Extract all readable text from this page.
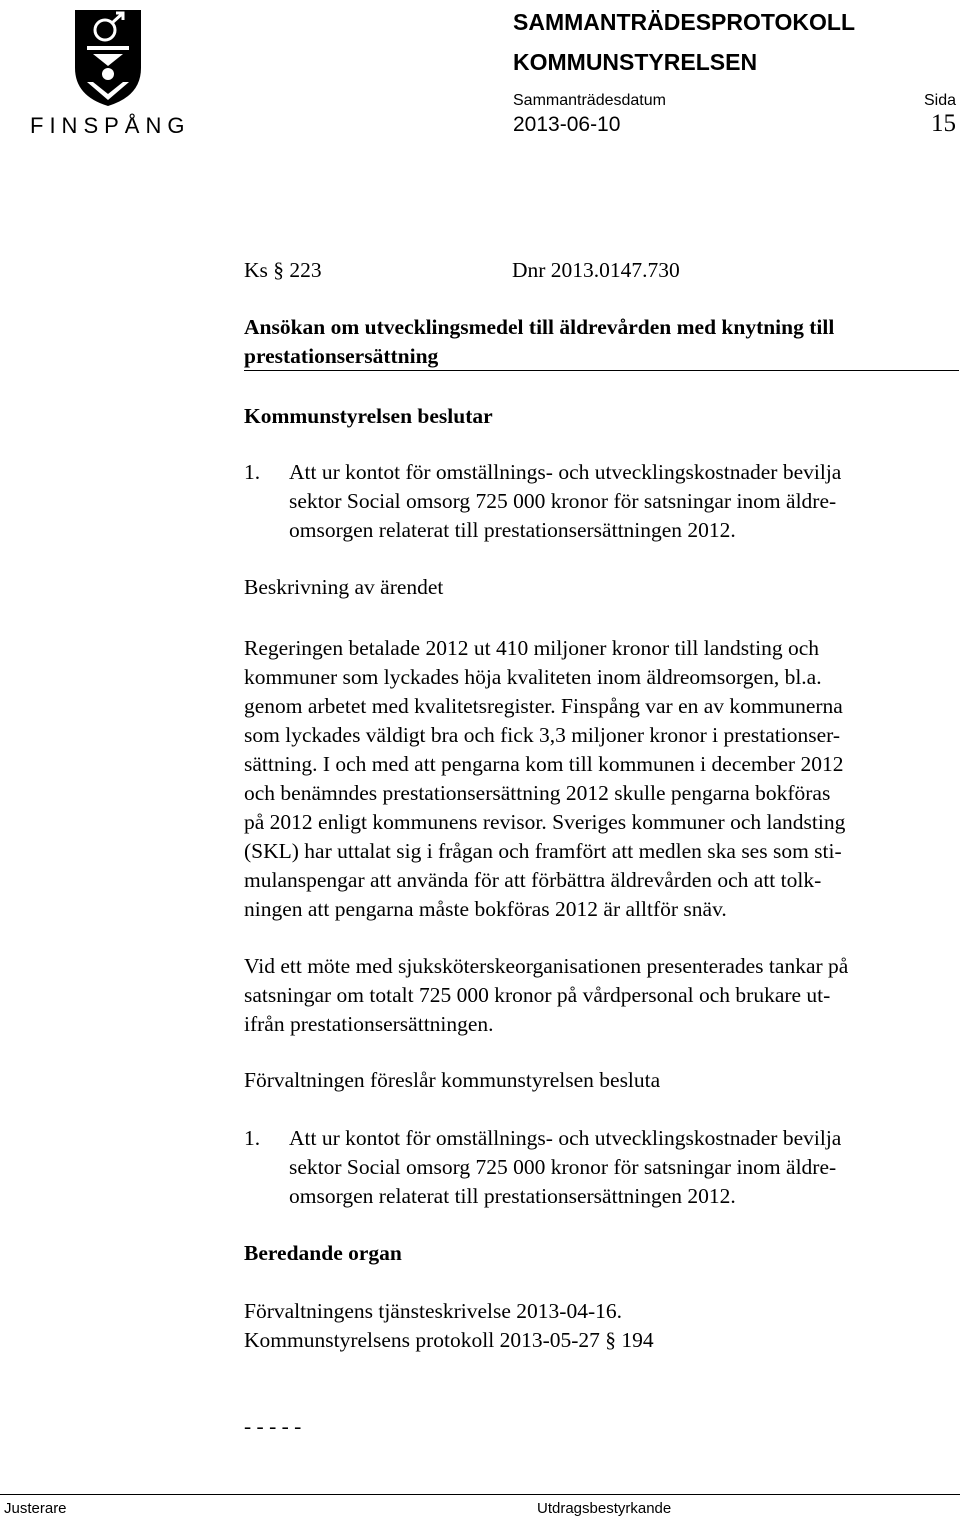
FINSPÅNG
SAMMANTRÄDESPROTOKOLL
KOMMUNSTYRELSEN
Sammanträdesdatum	Sida
2013-06-10	15
Ks § 223	Dnr 2013.0147.730
Ansökan om utvecklingsmedel till äldrevården med knytning till
prestationsersättning
Kommunstyrelsen beslutar
1.	Att ur kontot för omställnings- och utvecklingskostnader bevilja
sektor Social omsorg 725 000 kronor för satsningar inom äldre-
omsorgen relaterat till prestationsersättningen 2012.
Beskrivning av ärendet
Regeringen betalade 2012 ut 410 miljoner kronor till landsting och
kommuner som lyckades höja kvaliteten inom äldreomsorgen, bl.a.
genom arbetet med kvalitetsregister. Finspång var en av kommunerna
som lyckades väldigt bra och fick 3,3 miljoner kronor i prestationser-
sättning. I och med att pengarna kom till kommunen i december 2012
och benämndes prestationsersättning 2012 skulle pengarna bokföras
på 2012 enligt kommunens revisor. Sveriges kommuner och landsting
(SKL) har uttalat sig i frågan och framfört att medlen ska ses som sti-
mulanspengar att använda för att förbättra äldrevården och att tolk-
ningen att pengarna måste bokföras 2012 är alltför snäv.
Vid ett möte med sjuksköterskeorganisationen presenterades tankar på
satsningar om totalt 725 000 kronor på vårdpersonal och brukare ut-
ifrån prestationsersättningen.
Förvaltningen föreslår kommunstyrelsen besluta
1.	Att ur kontot för omställnings- och utvecklingskostnader bevilja
sektor Social omsorg 725 000 kronor för satsningar inom äldre-
omsorgen relaterat till prestationsersättningen 2012.
Beredande organ
Förvaltningens tjänsteskrivelse 2013-04-16.
Kommunstyrelsens protokoll 2013-05-27 § 194
- - - - -
Justerare	Utdragsbestyrkande
